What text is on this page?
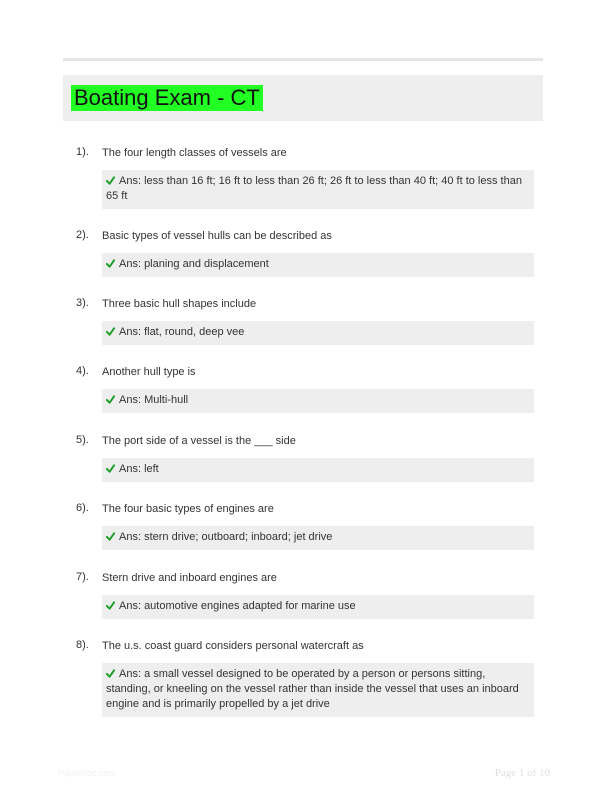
Boating Exam - CT
1). The four length classes of vessels are
Ans: less than 16 ft; 16 ft to less than 26 ft; 26 ft to less than 40 ft; 40 ft to less than 65 ft
2). Basic types of vessel hulls can be described as
Ans: planing and displacement
3). Three basic hull shapes include
Ans: flat, round, deep vee
4). Another hull type is
Ans: Multi-hull
5). The port side of a vessel is the ___ side
Ans: left
6). The four basic types of engines are
Ans: stern drive; outboard; inboard; jet drive
7). Stern drive and inboard engines are
Ans: automotive engines adapted for marine use
8). The u.s. coast guard considers personal watercraft as
Ans: a small vessel designed to be operated by a person or persons sitting, standing, or kneeling on the vessel rather than inside the vessel that uses an inboard engine and is primarily propelled by a jet drive
Paperbbc.com	Page 1 of 10
